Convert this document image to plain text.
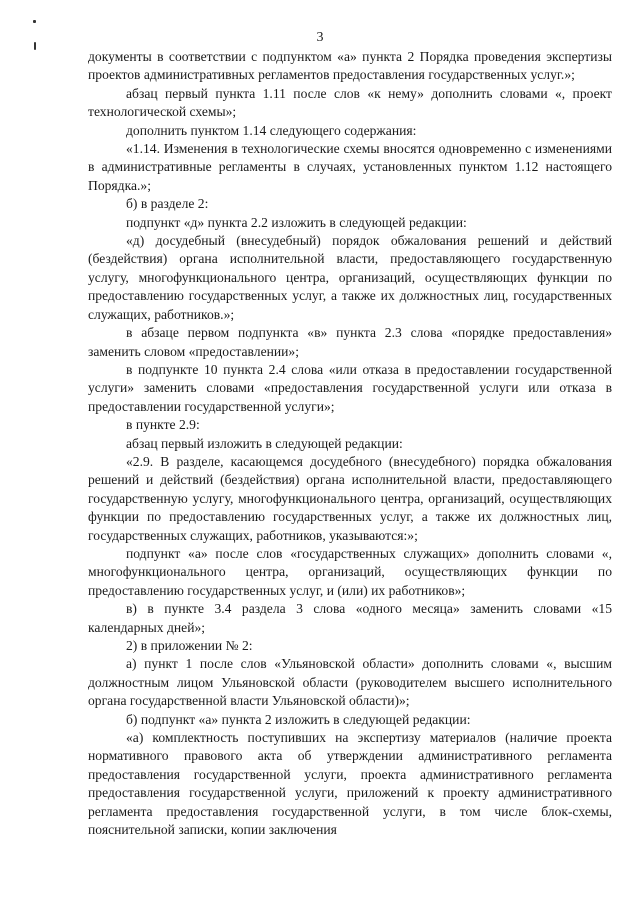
3

документы в соответствии с подпунктом «а» пункта 2 Порядка проведения экспертизы проектов административных регламентов предоставления государственных услуг.»;

абзац первый пункта 1.11 после слов «к нему» дополнить словами «, проект технологической схемы»;

дополнить пунктом 1.14 следующего содержания:

«1.14. Изменения в технологические схемы вносятся одновременно с изменениями в административные регламенты в случаях, установленных пунктом 1.12 настоящего Порядка.»;

б) в разделе 2:

подпункт «д» пункта 2.2 изложить в следующей редакции:

«д) досудебный (внесудебный) порядок обжалования решений и действий (бездействия) органа исполнительной власти, предоставляющего государственную услугу, многофункционального центра, организаций, осуществляющих функции по предоставлению государственных услуг, а также их должностных лиц, государственных служащих, работников.»;

в абзаце первом подпункта «в» пункта 2.3 слова «порядке предоставления» заменить словом «предоставлении»;

в подпункте 10 пункта 2.4 слова «или отказа в предоставлении государственной услуги» заменить словами «предоставления государственной услуги или отказа в предоставлении государственной услуги»;

в пункте 2.9:

абзац первый изложить в следующей редакции:

«2.9. В разделе, касающемся досудебного (внесудебного) порядка обжалования решений и действий (бездействия) органа исполнительной власти, предоставляющего государственную услугу, многофункционального центра, организаций, осуществляющих функции по предоставлению государственных услуг, а также их должностных лиц, государственных служащих, работников, указываются:»;

подпункт «а» после слов «государственных служащих» дополнить словами «, многофункционального центра, организаций, осуществляющих функции по предоставлению государственных услуг, и (или) их работников»;

в) в пункте 3.4 раздела 3 слова «одного месяца» заменить словами «15 календарных дней»;

2) в приложении № 2:

а) пункт 1 после слов «Ульяновской области» дополнить словами «, высшим должностным лицом Ульяновской области (руководителем высшего исполнительного органа государственной власти Ульяновской области)»;

б) подпункт «а» пункта 2 изложить в следующей редакции:

«а) комплектность поступивших на экспертизу материалов (наличие проекта нормативного правового акта об утверждении административного регламента предоставления государственной услуги, проекта административного регламента предоставления государственной услуги, приложений к проекту административного регламента предоставления государственной услуги, в том числе блок-схемы, пояснительной записки, копии заключения
